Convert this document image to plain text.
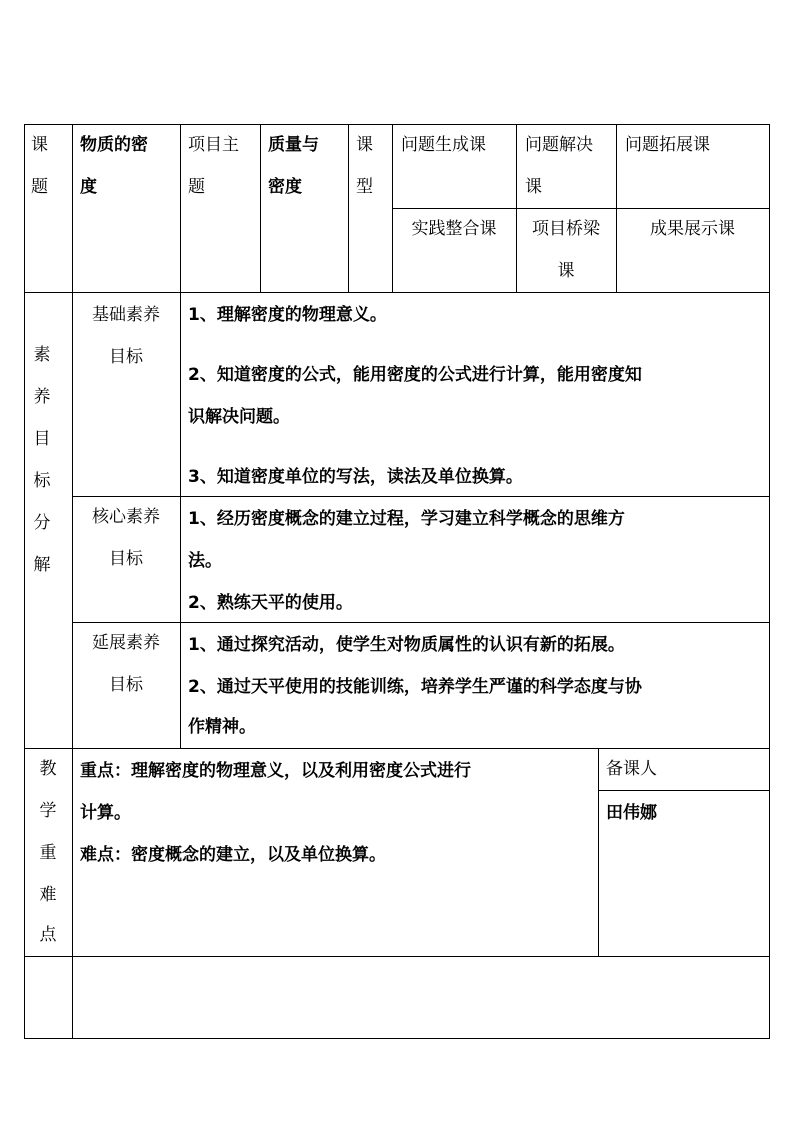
课
题
物质的密
度
项目主
题
质量与
密度
课
型
问题生成课 问题解决
课
问题拓展课
实践整合课	项目桥梁
课
成果展示课
素
养
目
标
分
解
基础素养
目标
1、理解密度的物理意义。
2、知道密度的公式，能用密度的公式进行计算，能用密度知
识解决问题。
3、知道密度单位的写法，读法及单位换算。
核心素养
目标
1、经历密度概念的建立过程，学习建立科学概念的思维方
法。
2、熟练天平的使用。
延展素养
目标
1、通过探究活动，使学生对物质属性的认识有新的拓展。
2、通过天平使用的技能训练，培养学生严谨的科学态度与协
作精神。
教
学
重
难
点
重点：理解密度的物理意义，以及利用密度公式进行
计算。
难点：密度概念的建立，以及单位换算。
备课人
田伟娜
